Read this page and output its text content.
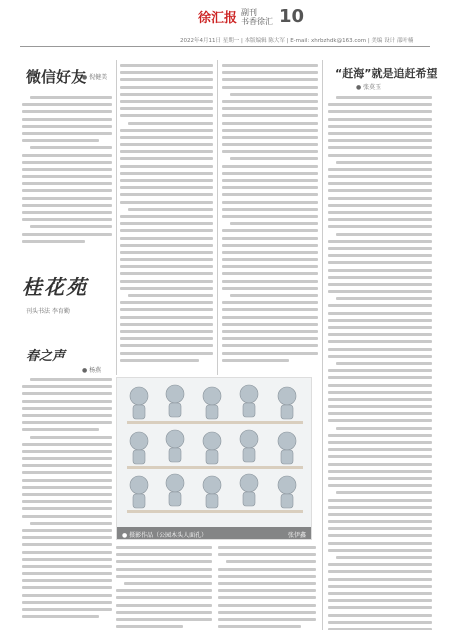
徐汇报 副刊
书香徐汇 10
2022年4月11日 星期一 | 本版编辑 陈大军 | E-mail: xhrbzhdk@163.com | 美编 设计 邵叶楠
微信好友
● 倪健美
桂花苑
刊头书法 李育勤
春之声
● 杨燕
● 摄影作品（公园木头人面孔）	张伊鑫
“赶海”就是追赶希望
● 张莫玉
